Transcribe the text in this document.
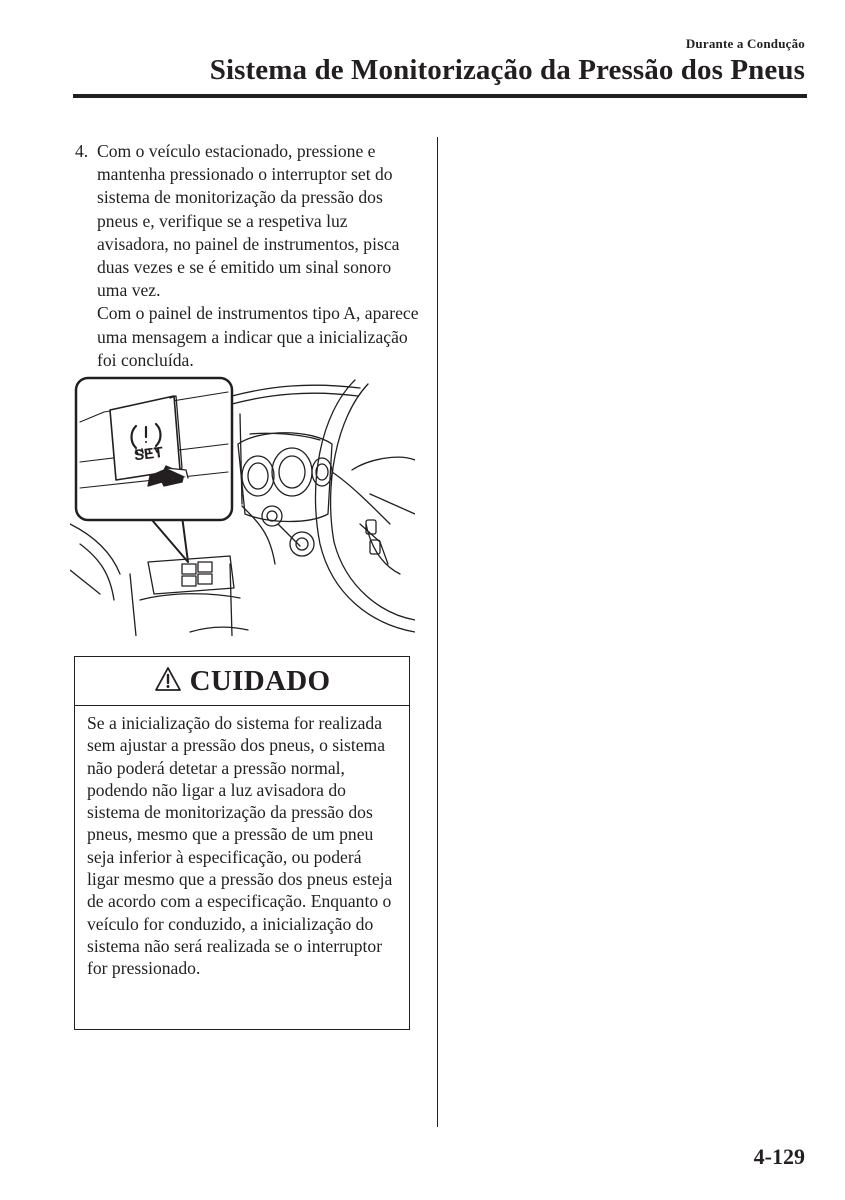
Durante a Condução
Sistema de Monitorização da Pressão dos Pneus
4. Com o veículo estacionado, pressione e mantenha pressionado o interruptor set do sistema de monitorização da pressão dos pneus e, verifique se a respetiva luz avisadora, no painel de instrumentos, pisca duas vezes e se é emitido um sinal sonoro uma vez.

Com o painel de instrumentos tipo A, aparece uma mensagem a indicar que a inicialização foi concluída.

SET
CUIDADO

Se a inicialização do sistema for realizada sem ajustar a pressão dos pneus, o sistema não poderá detetar a pressão normal, podendo não ligar a luz avisadora do sistema de monitorização da pressão dos pneus, mesmo que a pressão de um pneu seja inferior à especificação, ou poderá ligar mesmo que a pressão dos pneus esteja de acordo com a especificação. Enquanto o veículo for conduzido, a inicialização do sistema não será realizada se o interruptor for pressionado.

4-129
